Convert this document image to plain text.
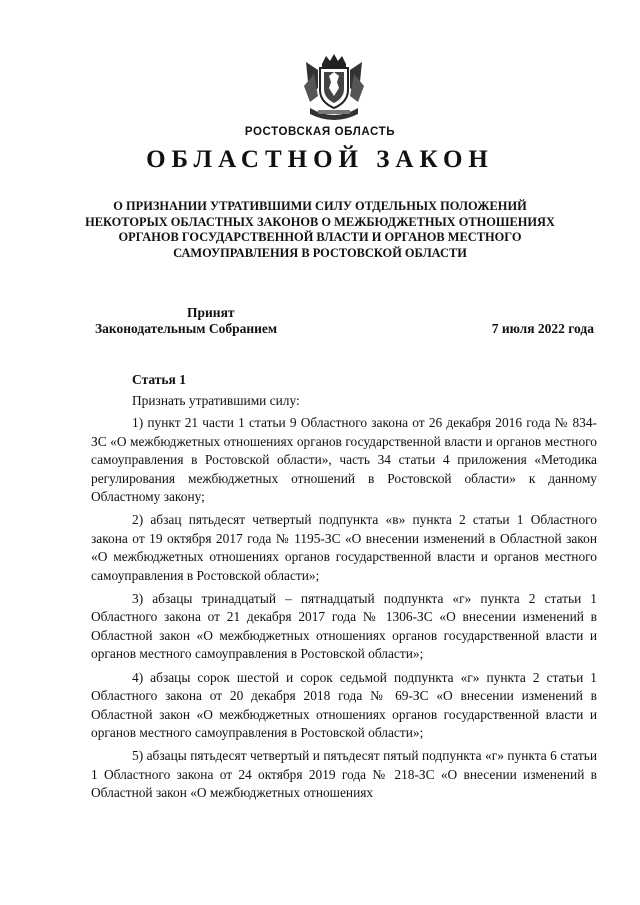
РОСТОВСКАЯ ОБЛАСТЬ
ОБЛАСТНОЙ ЗАКОН
О ПРИЗНАНИИ УТРАТИВШИМИ СИЛУ ОТДЕЛЬНЫХ ПОЛОЖЕНИЙ
НЕКОТОРЫХ ОБЛАСТНЫХ ЗАКОНОВ О МЕЖБЮДЖЕТНЫХ ОТНОШЕНИЯХ
ОРГАНОВ ГОСУДАРСТВЕННОЙ ВЛАСТИ И ОРГАНОВ МЕСТНОГО
САМОУПРАВЛЕНИЯ В РОСТОВСКОЙ ОБЛАСТИ
Принят
Законодательным Собранием	7 июля 2022 года
Статья 1

Признать утратившими силу:

1) пункт 21 части 1 статьи 9 Областного закона от 26 декабря 2016 года № 834-ЗС «О межбюджетных отношениях органов государственной власти и органов местного самоуправления в Ростовской области», часть 34 статьи 4 приложения «Методика регулирования межбюджетных отношений в Ростовской области» к данному Областному закону;

2) абзац пятьдесят четвертый подпункта «в» пункта 2 статьи 1 Областного закона от 19 октября 2017 года № 1195-ЗС «О внесении изменений в Областной закон «О межбюджетных отношениях органов государственной власти и органов местного самоуправления в Ростовской области»;

3) абзацы тринадцатый – пятнадцатый подпункта «г» пункта 2 статьи 1 Областного закона от 21 декабря 2017 года № 1306-ЗС «О внесении изменений в Областной закон «О межбюджетных отношениях органов государственной власти и органов местного самоуправления в Ростовской области»;

4) абзацы сорок шестой и сорок седьмой подпункта «г» пункта 2 статьи 1 Областного закона от 20 декабря 2018 года № 69-ЗС «О внесении изменений в Областной закон «О межбюджетных отношениях органов государственной власти и органов местного самоуправления в Ростовской области»;

5) абзацы пятьдесят четвертый и пятьдесят пятый подпункта «г» пункта 6 статьи 1 Областного закона от 24 октября 2019 года № 218-ЗС «О внесении изменений в Областной закон «О межбюджетных отношениях
